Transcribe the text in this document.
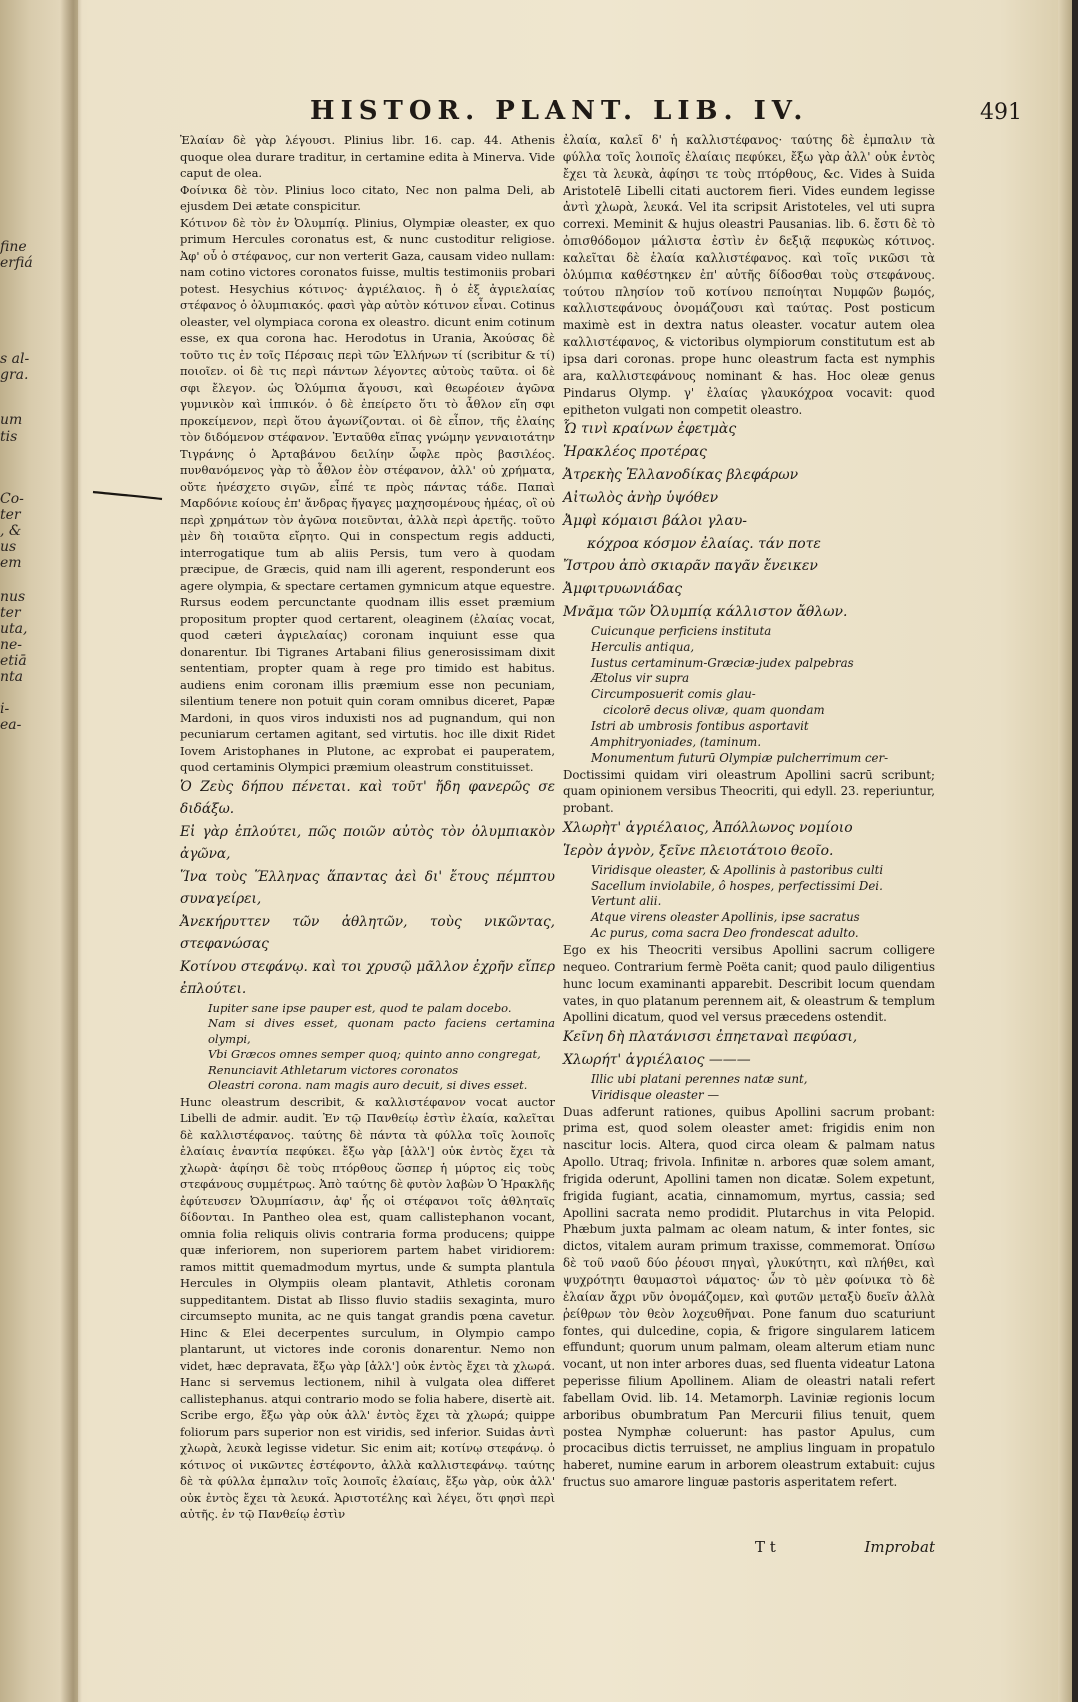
fine
erfiá
s al-
gra.
um
tis
Co-
ter
, &
us
em
nus
ter
uta,
ne-
etiā
nta
i-
ea-
HISTOR. PLANT. LIB. IV.	491

Ἐλαίαν δὲ γὰρ λέγουσι. Plinius libr. 16. cap. 44. Athenis quoque olea durare traditur, in certamine edita à Minerva. Vide caput de olea.

Φοίνικα δὲ τὸν. Plinius loco citato, Nec non palma Deli, ab ejusdem Dei ætate conspicitur.

Κότινον δὲ τὸν ἐν Ὀλυμπίᾳ. Plinius, Olympiæ oleaster, ex quo primum Hercules coronatus est, & nunc custoditur religiose. Ἀφ' οὗ ὁ στέφανος, cur non verterit Gaza, causam video nullam: nam cotino victores coronatos fuisse, multis testimoniis probari potest. Hesychius κότινος· ἀγριέλαιος. ἢ ὁ ἐξ ἀγριελαίας στέφανος ὁ ὀλυμπιακός. φασὶ γὰρ αὐτὸν κότινον εἶναι. Cotinus oleaster, vel olympiaca corona ex oleastro. dicunt enim cotinum esse, ex qua corona hac. Herodotus in Urania, Ἀκούσας δὲ τοῦτο τις ἐν τοῖς Πέρσαις περὶ τῶν Ἑλλήνων τί (scribitur & τί) ποιοῖεν. οἱ δὲ τις περὶ πάντων λέγοντες αὐτοὺς ταῦτα. οἱ δὲ σφι ἔλεγον. ὡς Ὀλύμπια ἄγουσι, καὶ θεωρέοιεν ἀγῶνα γυμνικὸν καὶ ἱππικόν. ὁ δὲ ἐπείρετο ὅτι τὸ ἆθλον εἴη σφι προκείμενον, περὶ ὅτου ἀγωνίζονται. οἱ δὲ εἶπον, τῆς ἐλαίης τὸν διδόμενον στέφανον. Ἐνταῦθα εἴπας γνώμην γενναιοτάτην Τιγράνης ὁ Ἀρταβάνου δειλίην ὦφλε πρὸς βασιλέος. πυνθανόμενος γὰρ τὸ ἆθλον ἐὸν στέφανον, ἀλλ' οὐ χρήματα, οὔτε ἠνέσχετο σιγῶν, εἶπέ τε πρὸς πάντας τάδε. Παπαὶ Μαρδόνιε κοίους ἐπ' ἄνδρας ἤγαγες μαχησομένους ἡμέας, οἳ οὐ περὶ χρημάτων τὸν ἀγῶνα ποιεῦνται, ἀλλὰ περὶ ἀρετῆς. τοῦτο μὲν δὴ τοιαῦτα εἴρητο. Qui in conspectum regis adducti, interrogatique tum ab aliis Persis, tum vero à quodam præcipue, de Græcis, quid nam illi agerent, responderunt eos agere olympia, & spectare certamen gymnicum atque equestre. Rursus eodem percunctante quodnam illis esset præmium propositum propter quod certarent, oleaginem (ἐλαίας vocat, quod cæteri ἀγριελαίας) coronam inquiunt esse qua donarentur. Ibi Tigranes Artabani filius generosissimam dixit sententiam, propter quam à rege pro timido est habitus. audiens enim coronam illis præmium esse non pecuniam, silentium tenere non potuit quin coram omnibus diceret, Papæ Mardoni, in quos viros induxisti nos ad pugnandum, qui non pecuniarum certamen agitant, sed virtutis. hoc ille dixit Ridet Iovem Aristophanes in Plutone, ac exprobat ei pauperatem, quod certaminis Olympici præmium oleastrum constituisset.

Ὁ Ζεὺς δήπου πένεται. καὶ τοῦτ' ἤδη φανερῶς σε διδάξω.

Εἰ γὰρ ἐπλούτει, πῶς ποιῶν αὐτὸς τὸν ὀλυμπιακὸν ἀγῶνα,

Ἵνα τοὺς Ἕλληνας ἅπαντας ἀεὶ δι' ἔτους πέμπτου συναγείρει,

Ἀνεκήρυττεν τῶν ἀθλητῶν, τοὺς νικῶντας, στεφανώσας

Κοτίνου στεφάνῳ. καὶ τοι χρυσῷ μᾶλλον ἐχρῆν εἴπερ ἐπλούτει.

Iupiter sane ipse pauper est, quod te palam docebo.

Nam si dives esset, quonam pacto faciens certamina olympi,

Vbi Græcos omnes semper quoq; quinto anno congregat,

Renunciavit Athletarum victores coronatos

Oleastri corona. nam magis auro decuit, si dives esset.

Hunc oleastrum describit, & καλλιστέφανον vocat auctor Libelli de admir. audit. Ἐν τῷ Πανθείῳ ἐστὶν ἐλαία, καλεῖται δὲ καλλιστέφανος. ταύτης δὲ πάντα τὰ φύλλα τοῖς λοιποῖς ἐλαίαις ἐναντία πεφύκει. ἔξω γὰρ [ἀλλ'] οὐκ ἐντὸς ἔχει τὰ χλωρὰ· ἀφίησι δὲ τοὺς πτόρθους ὥσπερ ἡ μύρτος εἰς τοὺς στεφάνους συμμέτρως. Ἀπὸ ταύτης δὲ φυτὸν λαβὼν Ὁ Ἡρακλῆς ἐφύτευσεν Ὀλυμπίασιν, ἀφ' ἧς οἱ στέφανοι τοῖς ἀθληταῖς δίδονται. In Pantheo olea est, quam callistephanon vocant, omnia folia reliquis olivis contraria forma producens; quippe quæ inferiorem, non superiorem partem habet viridiorem: ramos mittit quemadmodum myrtus, unde & sumpta plantula Hercules in Olympiis oleam plantavit, Athletis coronam suppeditantem. Distat ab Ilisso fluvio stadiis sexaginta, muro circumsepto munita, ac ne quis tangat grandis pœna cavetur. Hinc & Elei decerpentes surculum, in Olympio campo plantarunt, ut victores inde coronis donarentur. Nemo non videt, hæc depravata, ἔξω γὰρ [ἀλλ'] οὐκ ἐντὸς ἔχει τὰ χλωρά. Hanc si servemus lectionem, nihil à vulgata olea differet callistephanus. atqui contrario modo se folia habere, disertè ait. Scribe ergo, ἔξω γὰρ οὐκ ἀλλ' ἐντὸς ἔχει τὰ χλωρά; quippe foliorum pars superior non est viridis, sed inferior. Suidas ἀντὶ χλωρὰ, λευκὰ legisse videtur. Sic enim ait; κοτίνῳ στεφάνῳ. ὁ κότινος οἱ νικῶντες ἐστέφοντο, ἀλλὰ καλλιστεφάνῳ. ταύτης δὲ τὰ φύλλα ἐμπαλιν τοῖς λοιποῖς ἐλαίαις, ἔξω γὰρ, οὐκ ἀλλ' οὐκ ἐντὸς ἔχει τὰ λευκά. Ἀριστοτέλης καὶ λέγει, ὅτι φησὶ περὶ αὐτῆς. ἐν τῷ Πανθείῳ ἐστὶν

ἐλαία, καλεῖ δ' ἡ καλλιστέφανος· ταύτης δὲ ἐμπαλιν τὰ φύλλα τοῖς λοιποῖς ἐλαίαις πεφύκει, ἔξω γὰρ ἀλλ' οὐκ ἐντὸς ἔχει τὰ λευκὰ, ἀφίησι τε τοὺς πτόρθους, &c. Vides à Suida Aristotelē Libelli citati auctorem fieri. Vides eundem legisse ἀντὶ χλωρὰ, λευκά. Vel ita scripsit Aristoteles, vel uti supra correxi. Meminit & hujus oleastri Pausanias. lib. 6. ἔστι δὲ τὸ ὀπισθόδομον μάλιστα ἐστὶν ἐν δεξιᾷ πεφυκὼς κότινος. καλεῖται δὲ ἐλαία καλλιστέφανος. καὶ τοῖς νικῶσι τὰ ὀλύμπια καθέστηκεν ἐπ' αὐτῆς δίδοσθαι τοὺς στεφάνους. τούτου πλησίον τοῦ κοτίνου πεποίηται Νυμφῶν βωμός, καλλιστεφάνους ὀνομάζουσι καὶ ταύτας. Post posticum maximè est in dextra natus oleaster. vocatur autem olea καλλιστέφανος, & victoribus olympiorum constitutum est ab ipsa dari coronas. prope hunc oleastrum facta est nymphis ara, καλλιστεφάνους nominant & has. Hoc oleæ genus Pindarus Olymp. γ' ἐλαίας γλαυκόχροα vocavit: quod epitheton vulgati non competit oleastro.

Ὧ τινὶ κραίνων ἐφετμὰς

Ἡρακλέος προτέρας

Ἀτρεκὴς Ἑλλανοδίκας βλεφάρων

Αἰτωλὸς ἀνὴρ ὑψόθεν

Ἀμφὶ κόμαισι βάλοι γλαυ-

κόχροα κόσμον ἐλαίας. τάν ποτε

Ἴστρου ἀπὸ σκιαρᾶν παγᾶν ἔνεικεν

Ἀμφιτρυωνιάδας

Μνᾶμα τῶν Ὀλυμπίᾳ κάλλιστον ἄθλων.

Cuicunque perficiens instituta

Herculis antiqua,

Iustus certaminum-Græciæ-judex palpebras

Ætolus vir supra

Circumposuerit comis glau-

cicolorē decus olivæ, quam quondam

Istri ab umbrosis fontibus asportavit

Amphitryoniades, (taminum.

Monumentum futurū Olympiæ pulcherrimum cer-

Doctissimi quidam viri oleastrum Apollini sacrū scribunt; quam opinionem versibus Theocriti, qui edyll. 23. reperiuntur, probant.

Χλωρὴτ' ἀγριέλαιος, Ἀπόλλωνος νομίοιο

Ἱερὸν ἁγνὸν, ξεῖνε πλειοτάτοιο θεοῖο.

Viridisque oleaster, & Apollinis à pastoribus culti

Sacellum inviolabile, ô hospes, perfectissimi Dei.

Vertunt alii.

Atque virens oleaster Apollinis, ipse sacratus

Ac purus, coma sacra Deo frondescat adulto.

Ego ex his Theocriti versibus Apollini sacrum colligere nequeo. Contrarium fermè Poëta canit; quod paulo diligentius hunc locum examinanti apparebit. Describit locum quendam vates, in quo platanum perennem ait, & oleastrum & templum Apollini dicatum, quod vel versus præcedens ostendit.

Κεῖνη δὴ πλατάνισσι ἐπηεταναὶ πεφύασι,

Χλωρήτ' ἀγριέλαιος ———

Illic ubi platani perennes natæ sunt,

Viridisque oleaster —

Duas adferunt rationes, quibus Apollini sacrum probant: prima est, quod solem oleaster amet: frigidis enim non nascitur locis. Altera, quod circa oleam & palmam natus Apollo. Utraq; frivola. Infinitæ n. arbores quæ solem amant, frigida oderunt, Apollini tamen non dicatæ. Solem expetunt, frigida fugiant, acatia, cinnamomum, myrtus, cassia; sed Apollini sacrata nemo prodidit. Plutarchus in vita Pelopid. Phæbum juxta palmam ac oleam natum, & inter fontes, sic dictos, vitalem auram primum traxisse, commemorat. Ὀπίσω δὲ τοῦ ναοῦ δύο ῥέουσι πηγαὶ, γλυκύτητι, καὶ πλήθει, καὶ ψυχρότητι θαυμαστοὶ νάματος· ὧν τὸ μὲν φοίνικα τὸ δὲ ἐλαίαν ἄχρι νῦν ὀνομάζομεν, καὶ φυτῶν μεταξὺ δυεῖν ἀλλὰ ῥείθρων τὸν θεὸν λοχευθῆναι. Pone fanum duo scaturiunt fontes, qui dulcedine, copia, & frigore singularem laticem effundunt; quorum unum palmam, oleam alterum etiam nunc vocant, ut non inter arbores duas, sed fluenta videatur Latona peperisse filium Apollinem. Aliam de oleastri natali refert fabellam Ovid. lib. 14. Metamorph. Laviniæ regionis locum arboribus obumbratum Pan Mercurii filius tenuit, quem postea Nymphæ coluerunt: has pastor Apulus, cum procacibus dictis terruisset, ne amplius linguam in propatulo haberet, numine earum in arborem oleastrum extabuit: cujus fructus suo amarore linguæ pastoris asperitatem refert.

T t	Improbat
